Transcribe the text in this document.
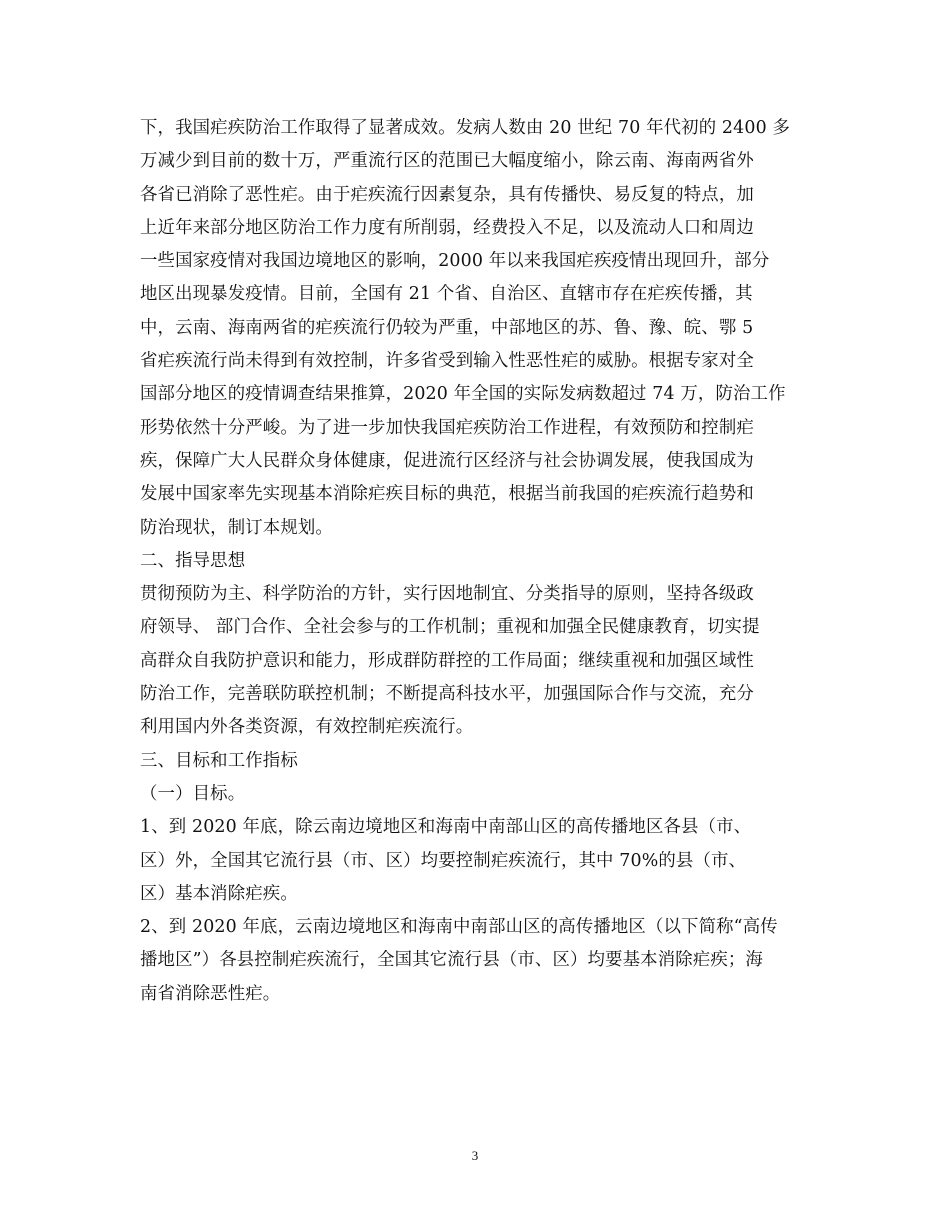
下，我国疟疾防治工作取得了显著成效。发病人数由 20 世纪 70 年代初的 2400 多
万减少到目前的数十万，严重流行区的范围已大幅度缩小，除云南、海南两省外
各省已消除了恶性疟。由于疟疾流行因素复杂，具有传播快、易反复的特点，加
上近年来部分地区防治工作力度有所削弱，经费投入不足，以及流动人口和周边
一些国家疫情对我国边境地区的影响，2000 年以来我国疟疾疫情出现回升，部分
地区出现暴发疫情。目前，全国有 21 个省、自治区、直辖市存在疟疾传播，其
中，云南、海南两省的疟疾流行仍较为严重，中部地区的苏、鲁、豫、皖、鄂 5
省疟疾流行尚未得到有效控制，许多省受到输入性恶性疟的威胁。根据专家对全
国部分地区的疫情调查结果推算，2020 年全国的实际发病数超过 74 万，防治工作
形势依然十分严峻。为了进一步加快我国疟疾防治工作进程，有效预防和控制疟
疾，保障广大人民群众身体健康，促进流行区经济与社会协调发展，使我国成为
发展中国家率先实现基本消除疟疾目标的典范，根据当前我国的疟疾流行趋势和
防治现状，制订本规划。
二、指导思想
贯彻预防为主、科学防治的方针，实行因地制宜、分类指导的原则，坚持各级政
府领导、 部门合作、全社会参与的工作机制；重视和加强全民健康教育，切实提
高群众自我防护意识和能力，形成群防群控的工作局面；继续重视和加强区域性
防治工作，完善联防联控机制；不断提高科技水平，加强国际合作与交流，充分
利用国内外各类资源，有效控制疟疾流行。
三、目标和工作指标
（一）目标。
1、到 2020 年底，除云南边境地区和海南中南部山区的高传播地区各县（市、
区）外，全国其它流行县（市、区）均要控制疟疾流行，其中 70%的县（市、
区）基本消除疟疾。
2、到 2020 年底，云南边境地区和海南中南部山区的高传播地区（以下简称“高传
播地区”）各县控制疟疾流行，全国其它流行县（市、区）均要基本消除疟疾；海
南省消除恶性疟。
3
